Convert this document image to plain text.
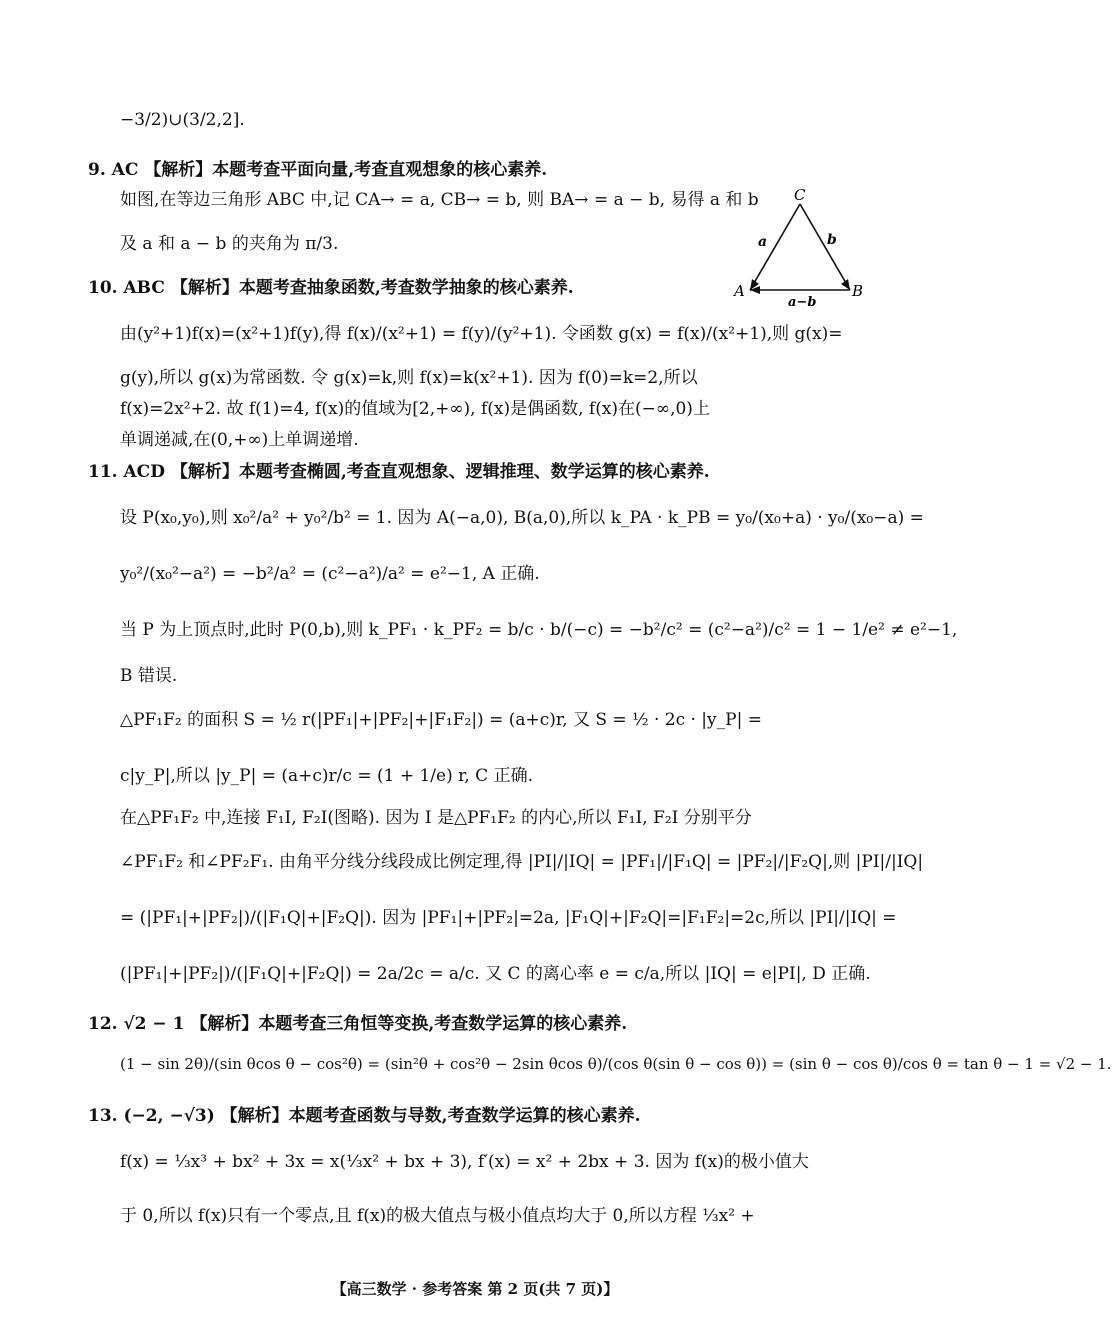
−3/2)∪(3/2,2].
9. AC 【解析】本题考查平面向量,考查直观想象的核心素养.
如图,在等边三角形 ABC 中,记 CA→ = a, CB→ = b, 则 BA→ = a − b, 易得 a 和 b
及 a 和 a − b 的夹角为 π/3.
C
A	B
a	b
a−b
10. ABC 【解析】本题考查抽象函数,考查数学抽象的核心素养.
由(y²+1)f(x)=(x²+1)f(y),得 f(x)/(x²+1) = f(y)/(y²+1). 令函数 g(x) = f(x)/(x²+1),则 g(x)=
g(y),所以 g(x)为常函数. 令 g(x)=k,则 f(x)=k(x²+1). 因为 f(0)=k=2,所以
f(x)=2x²+2. 故 f(1)=4, f(x)的值域为[2,+∞), f(x)是偶函数, f(x)在(−∞,0)上
单调递减,在(0,+∞)上单调递增.
11. ACD 【解析】本题考查椭圆,考查直观想象、逻辑推理、数学运算的核心素养.
设 P(x₀,y₀),则 x₀²/a² + y₀²/b² = 1. 因为 A(−a,0), B(a,0),所以 k_PA · k_PB = y₀/(x₀+a) · y₀/(x₀−a) =
y₀²/(x₀²−a²) = −b²/a² = (c²−a²)/a² = e²−1, A 正确.
当 P 为上顶点时,此时 P(0,b),则 k_PF₁ · k_PF₂ = b/c · b/(−c) = −b²/c² = (c²−a²)/c² = 1 − 1/e² ≠ e²−1,
B 错误.
△PF₁F₂ 的面积 S = ½ r(|PF₁|+|PF₂|+|F₁F₂|) = (a+c)r, 又 S = ½ · 2c · |y_P| =
c|y_P|,所以 |y_P| = (a+c)r/c = (1 + 1/e) r, C 正确.
在△PF₁F₂ 中,连接 F₁I, F₂I(图略). 因为 I 是△PF₁F₂ 的内心,所以 F₁I, F₂I 分别平分
∠PF₁F₂ 和∠PF₂F₁. 由角平分线分线段成比例定理,得 |PI|/|IQ| = |PF₁|/|F₁Q| = |PF₂|/|F₂Q|,则 |PI|/|IQ|
= (|PF₁|+|PF₂|)/(|F₁Q|+|F₂Q|). 因为 |PF₁|+|PF₂|=2a, |F₁Q|+|F₂Q|=|F₁F₂|=2c,所以 |PI|/|IQ| =
(|PF₁|+|PF₂|)/(|F₁Q|+|F₂Q|) = 2a/2c = a/c. 又 C 的离心率 e = c/a,所以 |IQ| = e|PI|, D 正确.
12. √2 − 1 【解析】本题考查三角恒等变换,考查数学运算的核心素养.
(1 − sin 2θ)/(sin θcos θ − cos²θ) = (sin²θ + cos²θ − 2sin θcos θ)/(cos θ(sin θ − cos θ)) = (sin θ − cos θ)/cos θ = tan θ − 1 = √2 − 1.
13. (−2, −√3) 【解析】本题考查函数与导数,考查数学运算的核心素养.
f(x) = ⅓x³ + bx² + 3x = x(⅓x² + bx + 3), f′(x) = x² + 2bx + 3. 因为 f(x)的极小值大
于 0,所以 f(x)只有一个零点,且 f(x)的极大值点与极小值点均大于 0,所以方程 ⅓x² +
【高三数学 · 参考答案 第 2 页(共 7 页)】
